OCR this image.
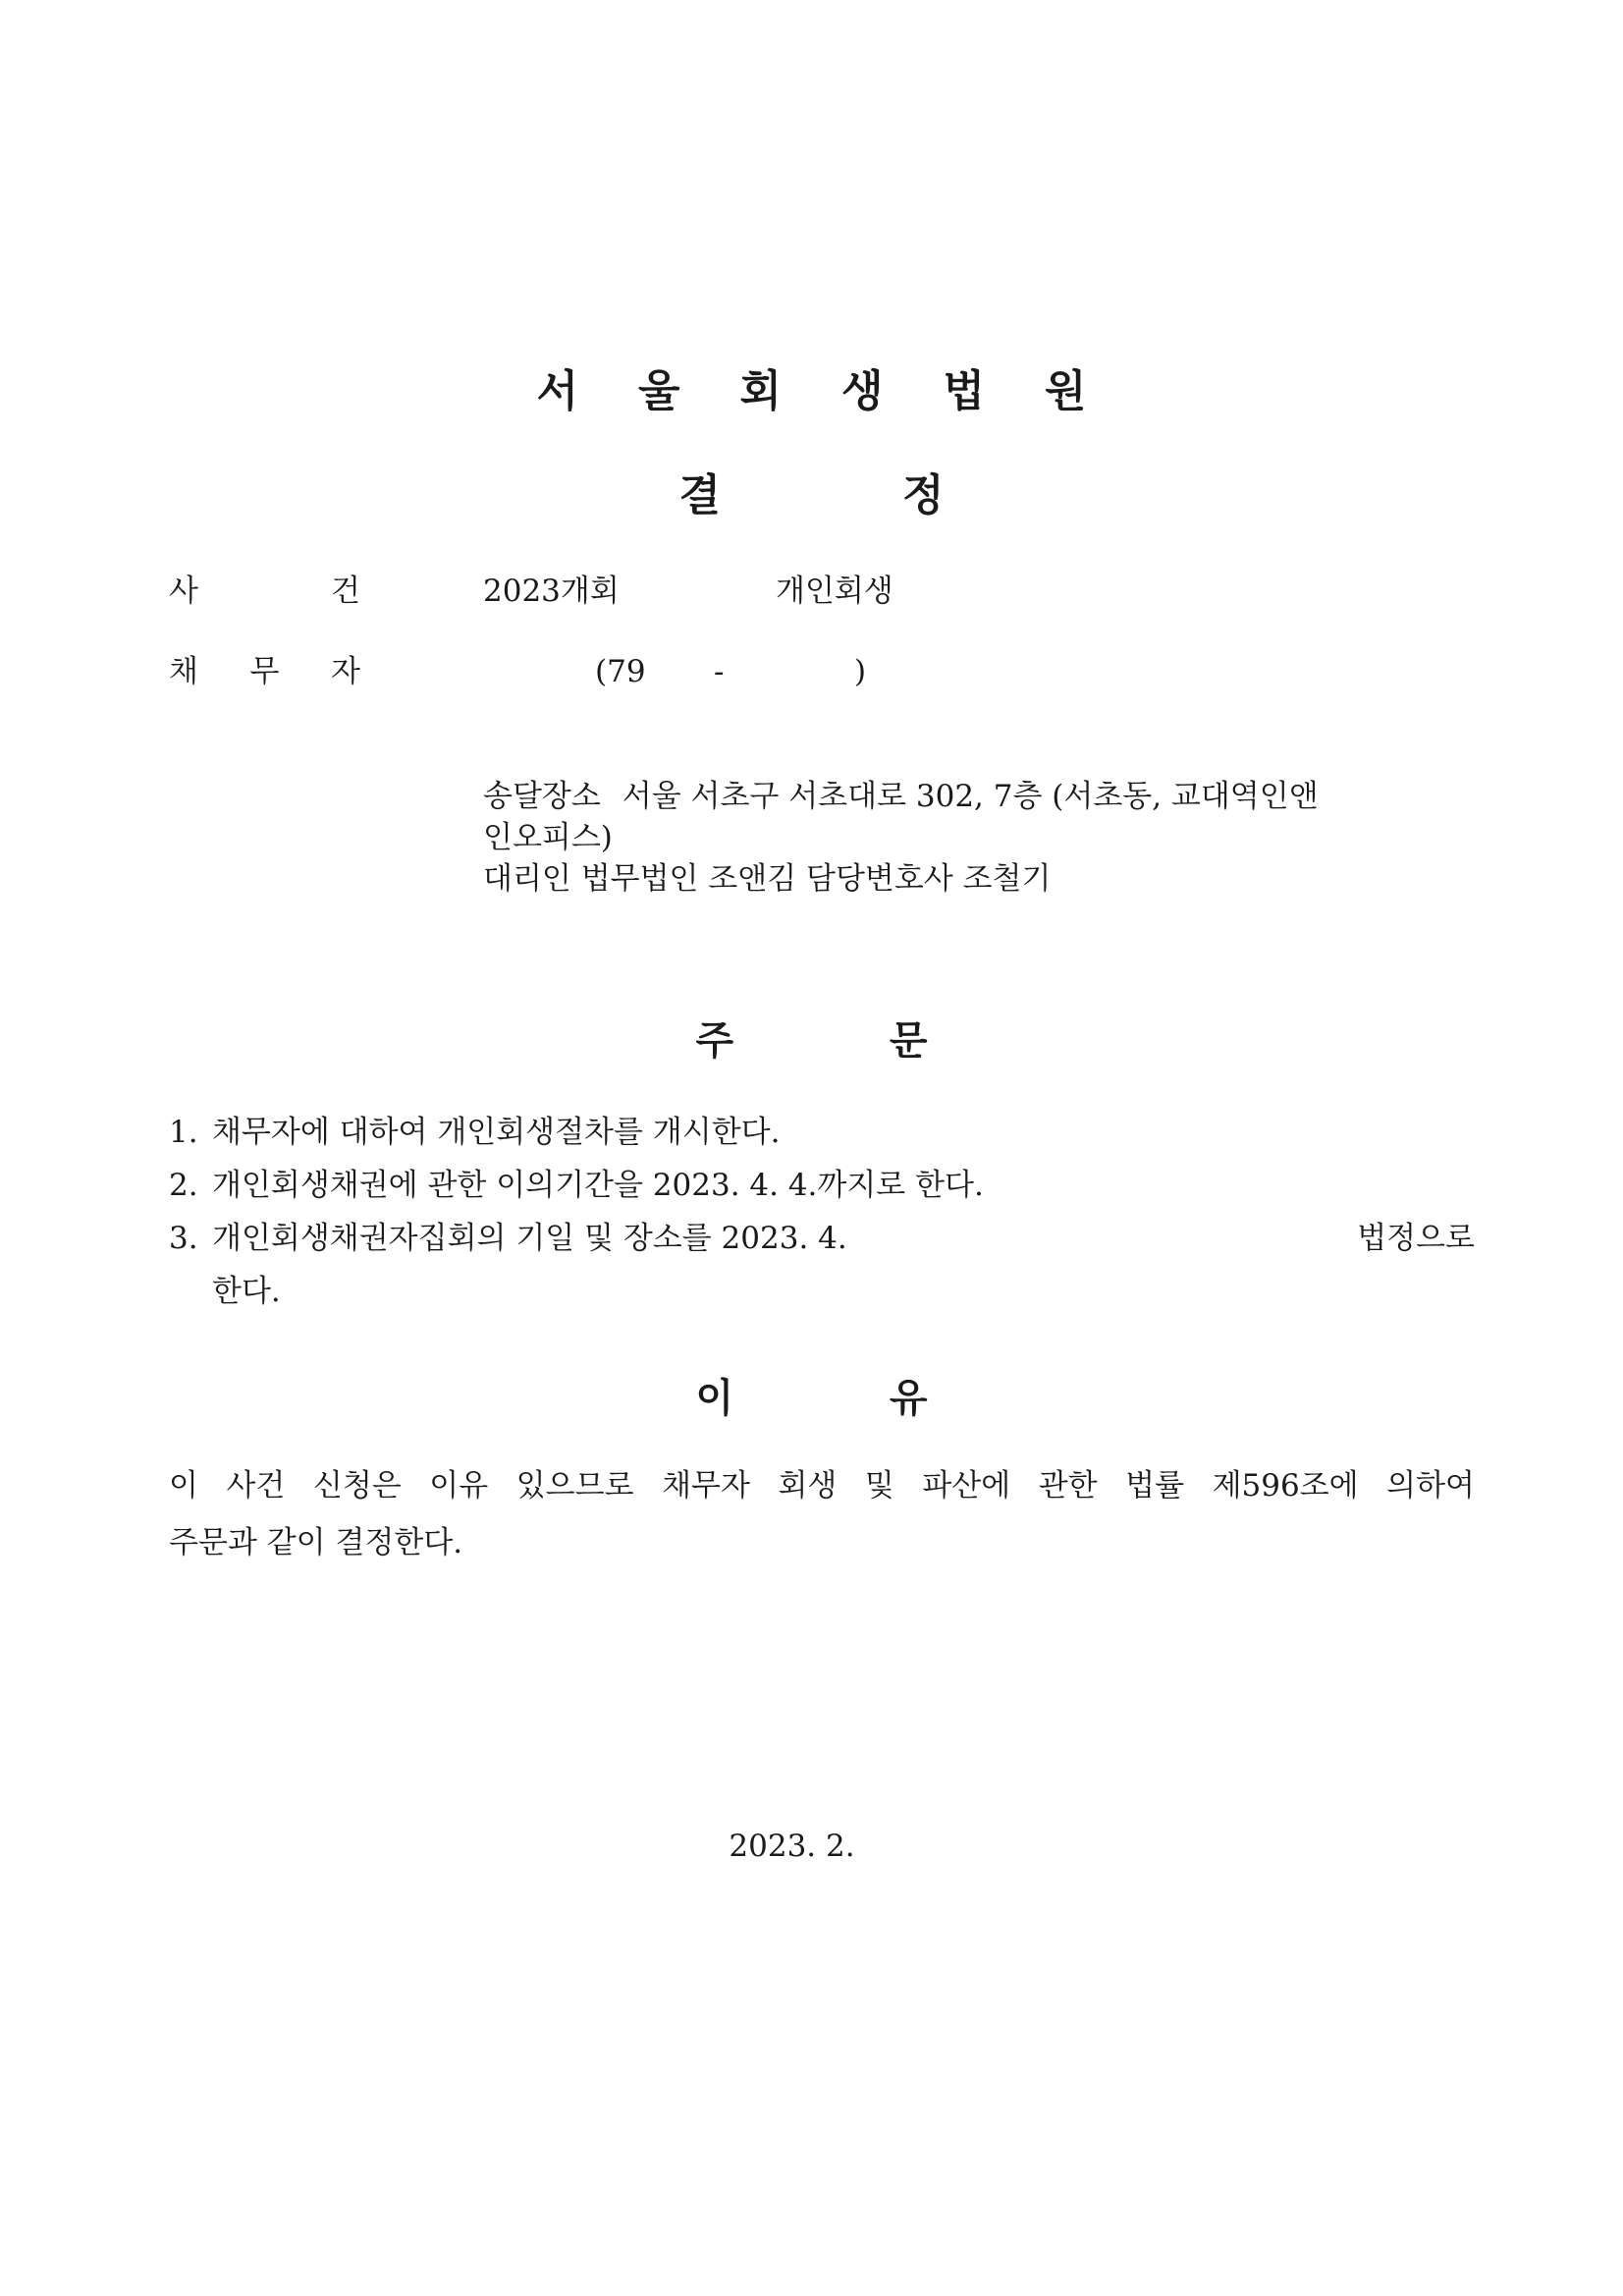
서 울 회 생 법 원
결	정
사	건	2023개회	개인회생
채 무 자	(79 -	)
송달장소 서울 서초구 서초대로 302, 7층 (서초동, 교대역인앤
인오피스)
대리인 법무법인 조앤김 담당변호사 조철기
주	문
1. 채무자에 대하여 개인회생절차를 개시한다.
2. 개인회생채권에 관한 이의기간을 2023. 4. 4.까지로 한다.
3. 개인회생채권자집회의 기일 및 장소를 2023. 4.	법정으로
한다.
이	유
이 사건 신청은 이유 있으므로 채무자 회생 및 파산에 관한 법률 제596조에 의하여
주문과 같이 결정한다.
2023. 2.
